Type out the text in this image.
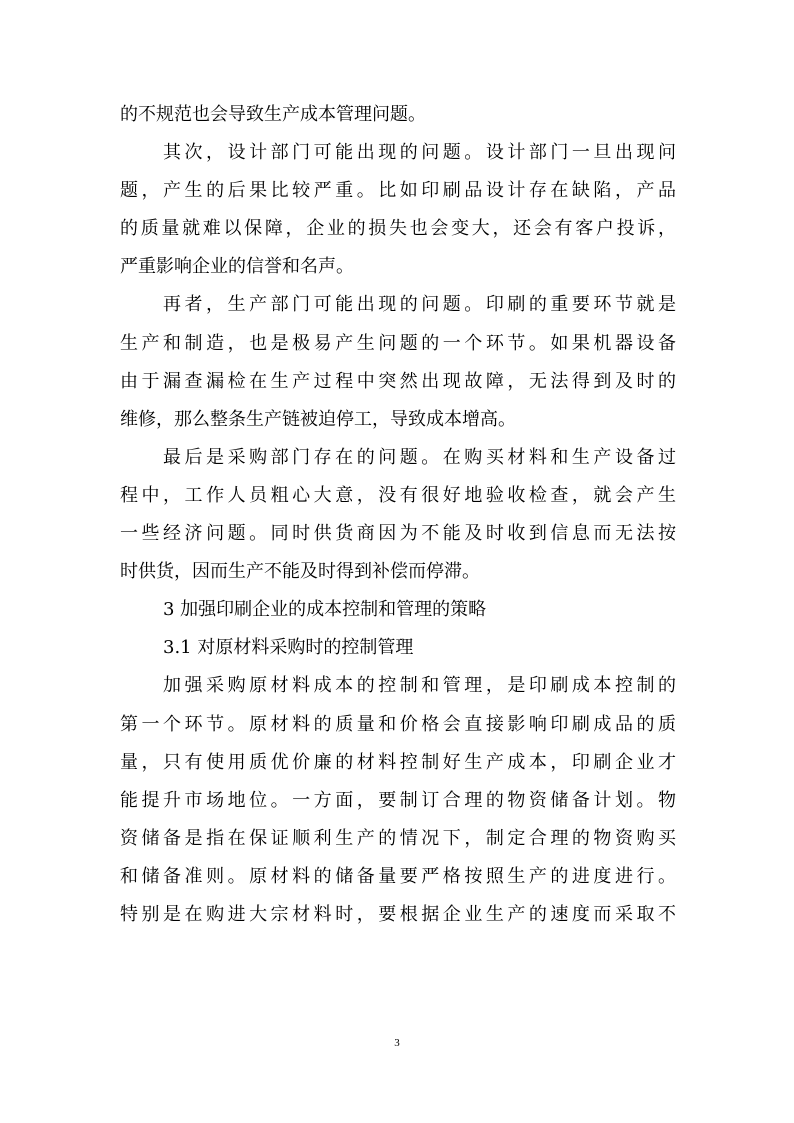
的不规范也会导致生产成本管理问题。
其次，设计部门可能出现的问题。设计部门一旦出现问
题，产生的后果比较严重。比如印刷品设计存在缺陷，产品
的质量就难以保障，企业的损失也会变大，还会有客户投诉，
严重影响企业的信誉和名声。
再者，生产部门可能出现的问题。印刷的重要环节就是
生产和制造，也是极易产生问题的一个环节。如果机器设备
由于漏查漏检在生产过程中突然出现故障，无法得到及时的
维修，那么整条生产链被迫停工，导致成本增高。
最后是采购部门存在的问题。在购买材料和生产设备过
程中，工作人员粗心大意，没有很好地验收检查，就会产生
一些经济问题。同时供货商因为不能及时收到信息而无法按
时供货，因而生产不能及时得到补偿而停滞。
3 加强印刷企业的成本控制和管理的策略
3.1 对原材料采购时的控制管理
加强采购原材料成本的控制和管理，是印刷成本控制的
第一个环节。原材料的质量和价格会直接影响印刷成品的质
量，只有使用质优价廉的材料控制好生产成本，印刷企业才
能提升市场地位。一方面，要制订合理的物资储备计划。物
资储备是指在保证顺利生产的情况下，制定合理的物资购买
和储备准则。原材料的储备量要严格按照生产的进度进行。
特别是在购进大宗材料时，要根据企业生产的速度而采取不
3
